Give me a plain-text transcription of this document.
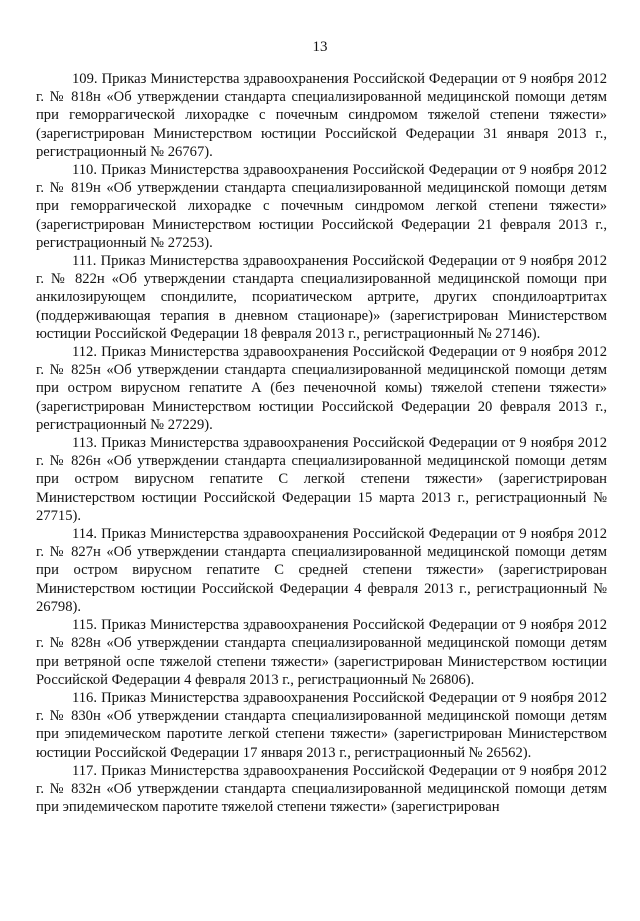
13

109. Приказ Министерства здравоохранения Российской Федерации от 9 ноября 2012 г. № 818н «Об утверждении стандарта специализированной медицинской помощи детям при геморрагической лихорадке с почечным синдромом тяжелой степени тяжести» (зарегистрирован Министерством юстиции Российской Федерации 31 января 2013 г., регистрационный № 26767).

110. Приказ Министерства здравоохранения Российской Федерации от 9 ноября 2012 г. № 819н «Об утверждении стандарта специализированной медицинской помощи детям при геморрагической лихорадке с почечным синдромом легкой степени тяжести» (зарегистрирован Министерством юстиции Российской Федерации 21 февраля 2013 г., регистрационный № 27253).

111. Приказ Министерства здравоохранения Российской Федерации от 9 ноября 2012 г. № 822н «Об утверждении стандарта специализированной медицинской помощи при анкилозирующем спондилите, псориатическом артрите, других спондилоартритах (поддерживающая терапия в дневном стационаре)» (зарегистрирован Министерством юстиции Российской Федерации 18 февраля 2013 г., регистрационный № 27146).

112. Приказ Министерства здравоохранения Российской Федерации от 9 ноября 2012 г. № 825н «Об утверждении стандарта специализированной медицинской помощи детям при остром вирусном гепатите А (без печеночной комы) тяжелой степени тяжести» (зарегистрирован Министерством юстиции Российской Федерации 20 февраля 2013 г., регистрационный № 27229).

113. Приказ Министерства здравоохранения Российской Федерации от 9 ноября 2012 г. № 826н «Об утверждении стандарта специализированной медицинской помощи детям при остром вирусном гепатите С легкой степени тяжести» (зарегистрирован Министерством юстиции Российской Федерации 15 марта 2013 г., регистрационный № 27715).

114. Приказ Министерства здравоохранения Российской Федерации от 9 ноября 2012 г. № 827н «Об утверждении стандарта специализированной медицинской помощи детям при остром вирусном гепатите С средней степени тяжести» (зарегистрирован Министерством юстиции Российской Федерации 4 февраля 2013 г., регистрационный № 26798).

115. Приказ Министерства здравоохранения Российской Федерации от 9 ноября 2012 г. № 828н «Об утверждении стандарта специализированной медицинской помощи детям при ветряной оспе тяжелой степени тяжести» (зарегистрирован Министерством юстиции Российской Федерации 4 февраля 2013 г., регистрационный № 26806).

116. Приказ Министерства здравоохранения Российской Федерации от 9 ноября 2012 г. № 830н «Об утверждении стандарта специализированной медицинской помощи детям при эпидемическом паротите легкой степени тяжести» (зарегистрирован Министерством юстиции Российской Федерации 17 января 2013 г., регистрационный № 26562).

117. Приказ Министерства здравоохранения Российской Федерации от 9 ноября 2012 г. № 832н «Об утверждении стандарта специализированной медицинской помощи детям при эпидемическом паротите тяжелой степени тяжести» (зарегистрирован
